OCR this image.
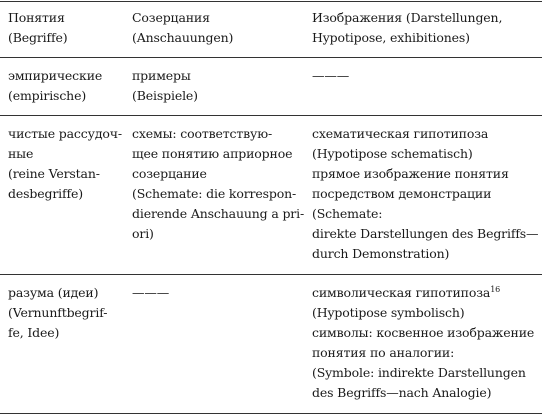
Понятия
(Begriffe)
Созерцания
(Anschauungen)
Изображения (Darstellungen,
Hypotipose, exhibitiones)
эмпирические
(empirische)
примеры
(Beispiele)
———
чистые рассудоч-
ные
(reine Verstan-
desbegriffe)
схемы: соответствую-
щее понятию априорное
созерцание
(Schemate: die korrespon-
dierende Anschauung a pri-
ori)
схематическая гипотипоза
(Hypotipose schematisch)
прямое изображение понятия
посредством демонстрации
(Schemate:
direkte Darstellungen des Begriffs—
durch Demonstration)
разума (идеи)
(Vernunftbegrif-
fe, Idee)
———	символическая гипотипоза$^{16}$
(Hypotipose symbolisch)
символы: косвенное изображение
понятия по аналогии:
(Symbole: indirekte Darstellungen
des Begriffs—nach Analogie)
